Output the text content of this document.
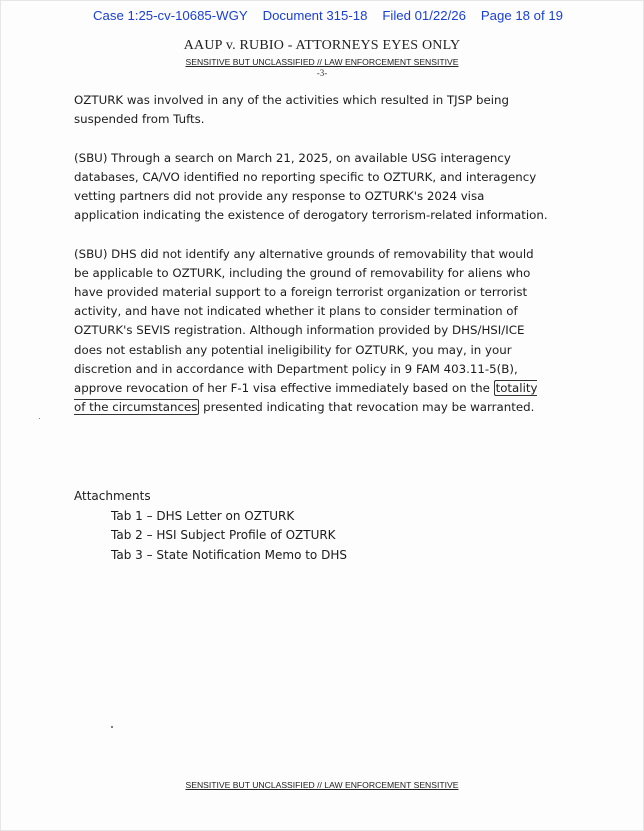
Case 1:25-cv-10685-WGY Document 315-18 Filed 01/22/26 Page 18 of 19
AAUP v. RUBIO - ATTORNEYS EYES ONLY
SENSITIVE BUT UNCLASSIFIED // LAW ENFORCEMENT SENSITIVE
-3-

OZTURK was involved in any of the activities which resulted in TJSP being suspended from Tufts.

(SBU) Through a search on March 21, 2025, on available USG interagency databases, CA/VO identified no reporting specific to OZTURK, and interagency vetting partners did not provide any response to OZTURK's 2024 visa application indicating the existence of derogatory terrorism-related information.

(SBU) DHS did not identify any alternative grounds of removability that would be applicable to OZTURK, including the ground of removability for aliens who have provided material support to a foreign terrorist organization or terrorist activity, and have not indicated whether it plans to consider termination of OZTURK's SEVIS registration. Although information provided by DHS/HSI/ICE does not establish any potential ineligibility for OZTURK, you may, in your discretion and in accordance with Department policy in 9 FAM 403.11-5(B), approve revocation of her F-1 visa effective immediately based on the totality of the circumstances presented indicating that revocation may be warranted.

Attachments
Tab 1 – DHS Letter on OZTURK
Tab 2 – HSI Subject Profile of OZTURK
Tab 3 – State Notification Memo to DHS
SENSITIVE BUT UNCLASSIFIED // LAW ENFORCEMENT SENSITIVE
